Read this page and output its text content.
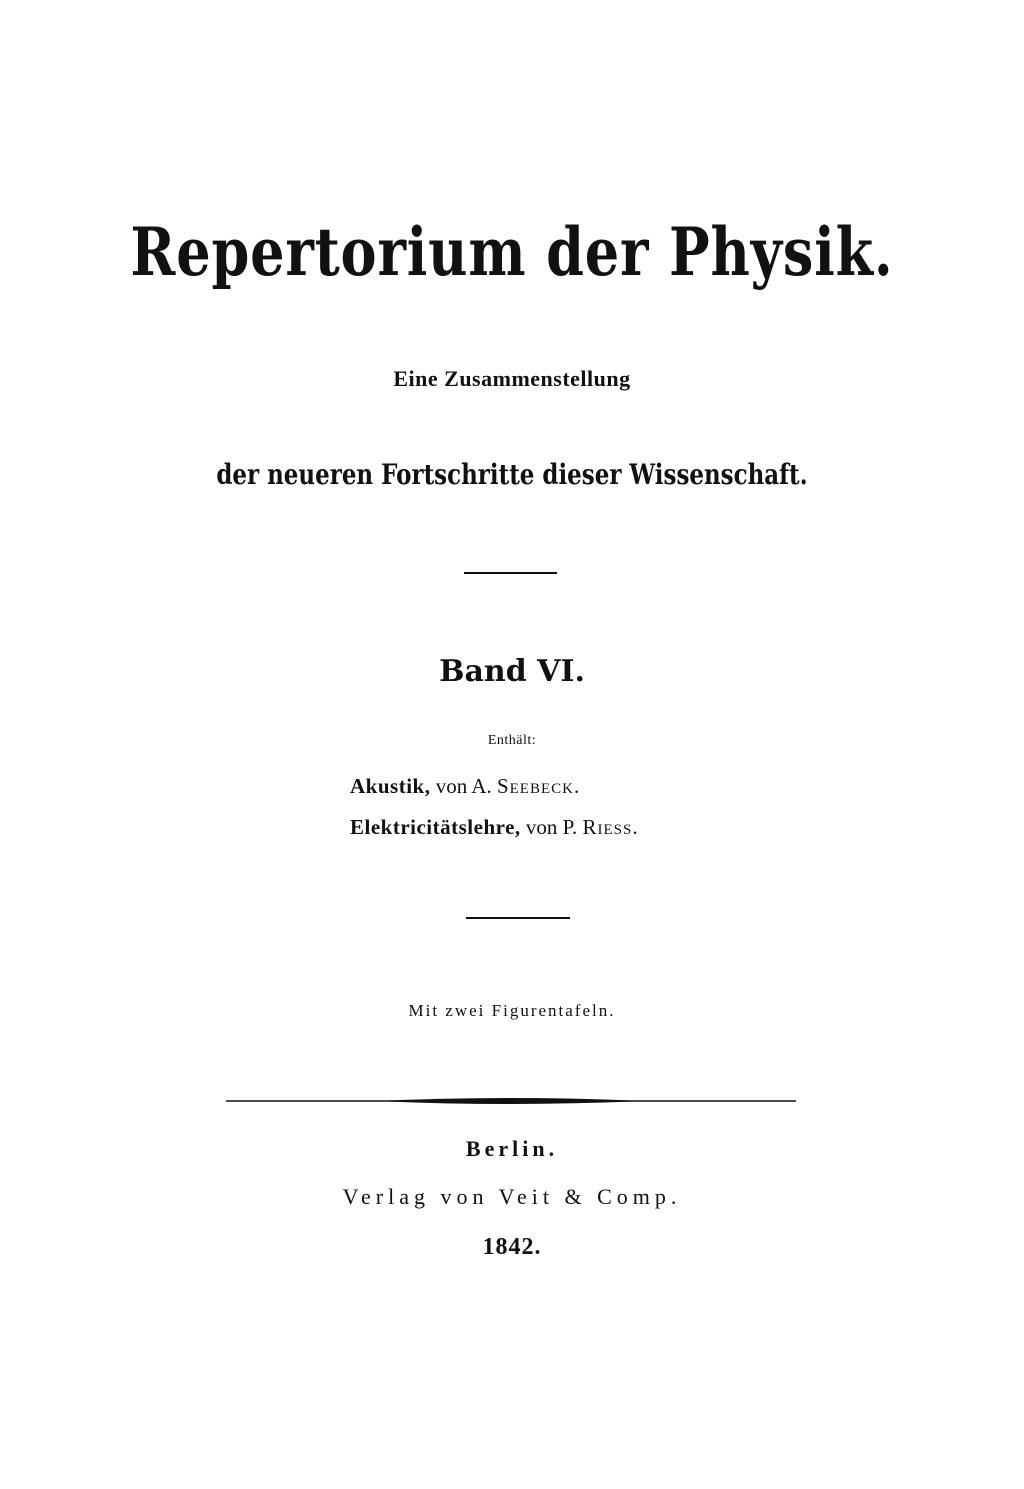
Repertorium der Physik.
Eine Zusammenstellung
der neueren Fortschritte dieser Wissenschaft.
Band VI.
Enthält:
Akustik, von A. Seebeck.
Elektricitätslehre, von P. Riess.
Mit zwei Figurentafeln.
Berlin.
Verlag von Veit & Comp.
1842.
